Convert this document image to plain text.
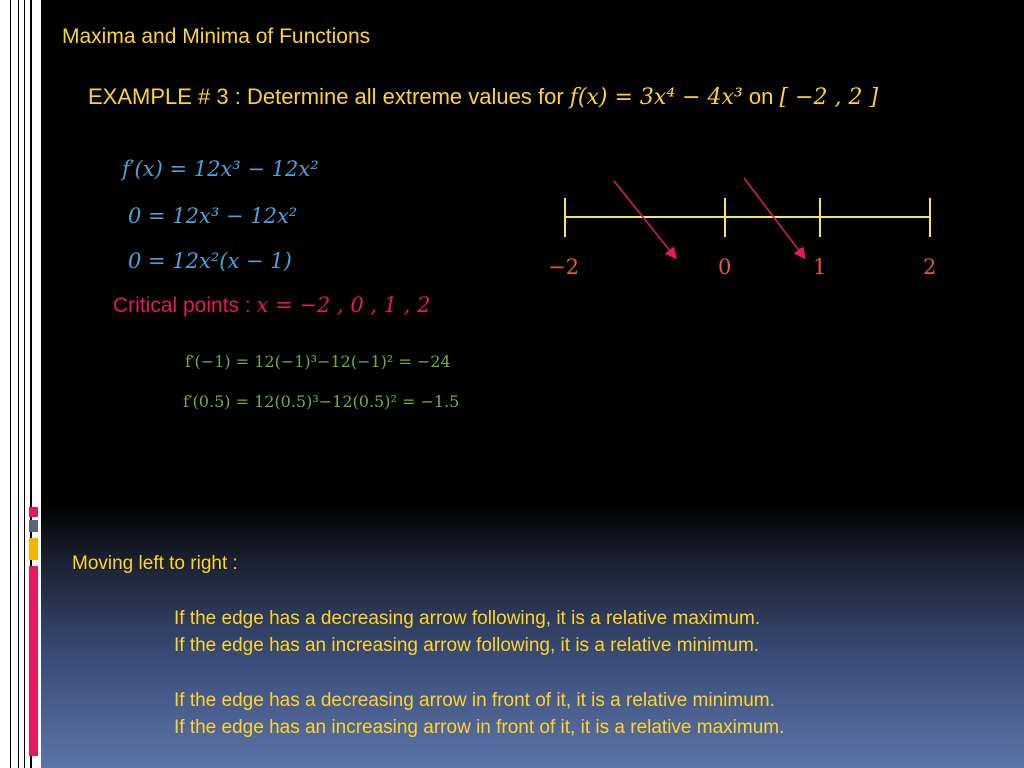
Maxima and Minima of Functions
EXAMPLE # 3 : Determine all extreme values for f(x) = 3x⁴ − 4x³ on [ −2 , 2 ]
f′(x) = 12x³ − 12x²
0 = 12x³ − 12x²
0 = 12x²(x − 1)
Critical points : x = −2 , 0 , 1 , 2
f′(−1) = 12(−1)³−12(−1)² = −24
f′(0.5) = 12(0.5)³−12(0.5)² = −1.5
−2	0	1	2
Moving left to right :
If the edge has a decreasing arrow following, it is a relative maximum.
If the edge has an increasing arrow following, it is a relative minimum.
If the edge has a decreasing arrow in front of it, it is a relative minimum.
If the edge has an increasing arrow in front of it, it is a relative maximum.
